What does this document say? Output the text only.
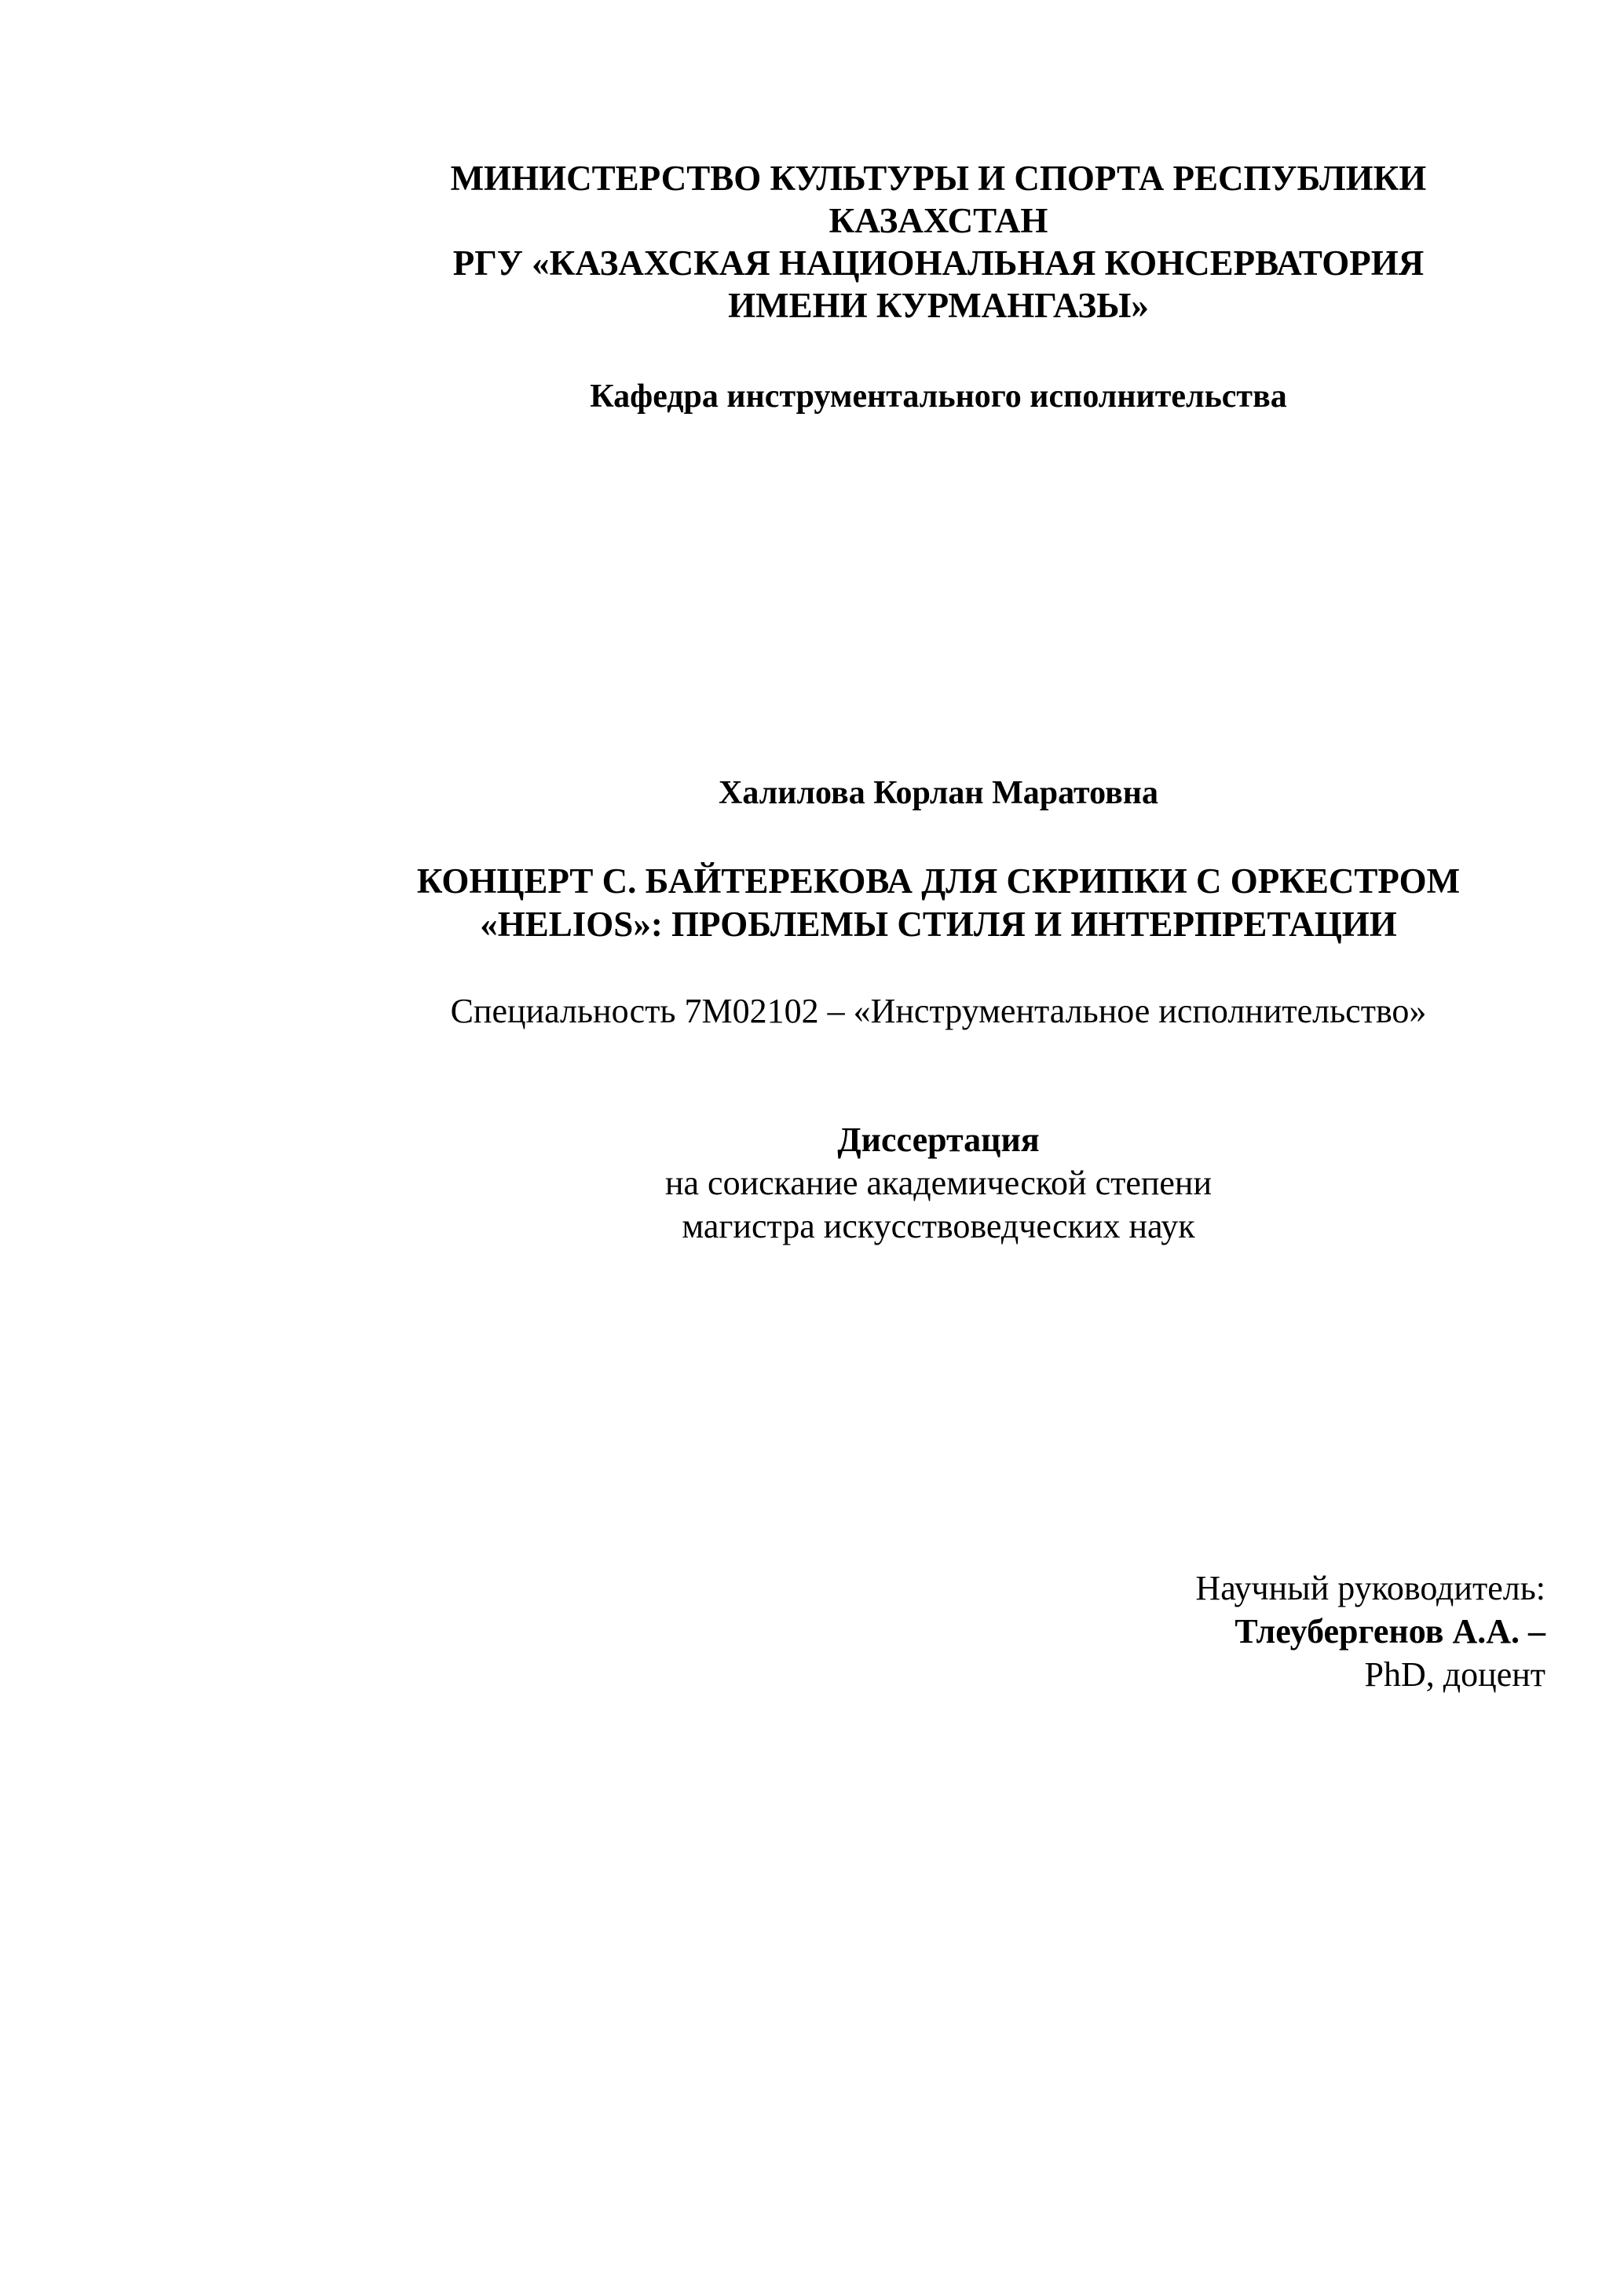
МИНИСТЕРСТВО КУЛЬТУРЫ И СПОРТА РЕСПУБЛИКИ
КАЗАХСТАН
РГУ «КАЗАХСКАЯ НАЦИОНАЛЬНАЯ КОНСЕРВАТОРИЯ
ИМЕНИ КУРМАНГАЗЫ»
Кафедра инструментального исполнительства
Халилова Корлан Маратовна
КОНЦЕРТ С. БАЙТЕРЕКОВА ДЛЯ СКРИПКИ С ОРКЕСТРОМ
«HELIOS»: ПРОБЛЕМЫ СТИЛЯ И ИНТЕРПРЕТАЦИИ
Специальность 7М02102 – «Инструментальное исполнительство»
Диссертация
на соискание академической степени
магистра искусствоведческих наук
Научный руководитель:
Тлеубергенов А.А. –
PhD, доцент
